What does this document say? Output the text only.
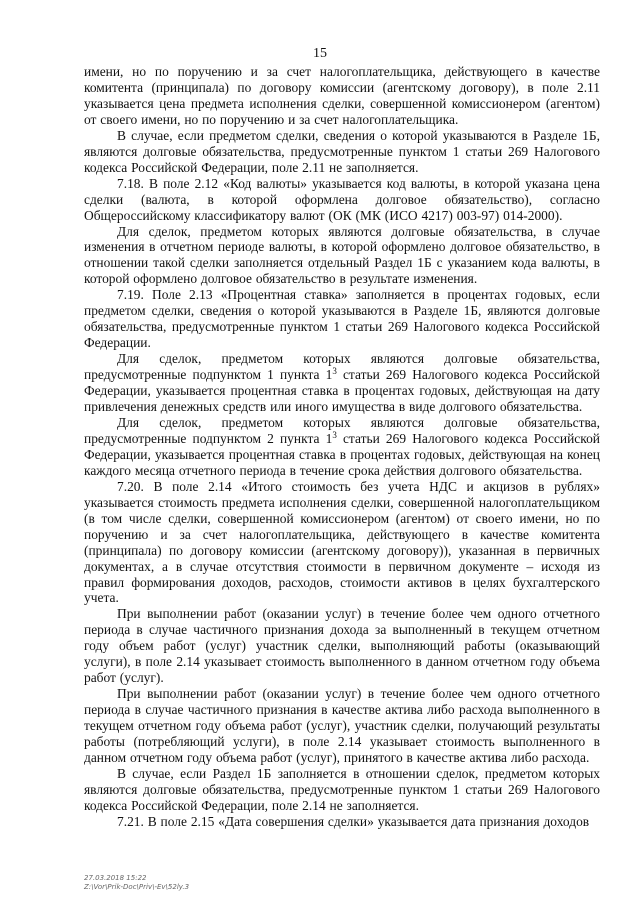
15

имени, но по поручению и за счет налогоплательщика, действующего в качестве комитента (принципала) по договору комиссии (агентскому договору), в поле 2.11 указывается цена предмета исполнения сделки, совершенной комиссионером (агентом) от своего имени, но по поручению и за счет налогоплательщика.

В случае, если предметом сделки, сведения о которой указываются в Разделе 1Б, являются долговые обязательства, предусмотренные пунктом 1 статьи 269 Налогового кодекса Российской Федерации, поле 2.11 не заполняется.

7.18. В поле 2.12 «Код валюты» указывается код валюты, в которой указана цена сделки (валюта, в которой оформлена долговое обязательство), согласно Общероссийскому классификатору валют (ОК (МК (ИСО 4217) 003-97) 014-2000).

Для сделок, предметом которых являются долговые обязательства, в случае изменения в отчетном периоде валюты, в которой оформлено долговое обязательство, в отношении такой сделки заполняется отдельный Раздел 1Б с указанием кода валюты, в которой оформлено долговое обязательство в результате изменения.

7.19. Поле 2.13 «Процентная ставка» заполняется в процентах годовых, если предметом сделки, сведения о которой указываются в Разделе 1Б, являются долговые обязательства, предусмотренные пунктом 1 статьи 269 Налогового кодекса Российской Федерации.

Для сделок, предметом которых являются долговые обязательства, предусмотренные подпунктом 1 пункта $1^3$ статьи 269 Налогового кодекса Российской Федерации, указывается процентная ставка в процентах годовых, действующая на дату привлечения денежных средств или иного имущества в виде долгового обязательства.

Для сделок, предметом которых являются долговые обязательства, предусмотренные подпунктом 2 пункта $1^3$ статьи 269 Налогового кодекса Российской Федерации, указывается процентная ставка в процентах годовых, действующая на конец каждого месяца отчетного периода в течение срока действия долгового обязательства.

7.20. В поле 2.14 «Итого стоимость без учета НДС и акцизов в рублях» указывается стоимость предмета исполнения сделки, совершенной налогоплательщиком (в том числе сделки, совершенной комиссионером (агентом) от своего имени, но по поручению и за счет налогоплательщика, действующего в качестве комитента (принципала) по договору комиссии (агентскому договору)), указанная в первичных документах, а в случае отсутствия стоимости в первичном документе – исходя из правил формирования доходов, расходов, стоимости активов в целях бухгалтерского учета.

При выполнении работ (оказании услуг) в течение более чем одного отчетного периода в случае частичного признания дохода за выполненный в текущем отчетном году объем работ (услуг) участник сделки, выполняющий работы (оказывающий услуги), в поле 2.14 указывает стоимость выполненного в данном отчетном году объема работ (услуг).

При выполнении работ (оказании услуг) в течение более чем одного отчетного периода в случае частичного признания в качестве актива либо расхода выполненного в текущем отчетном году объема работ (услуг), участник сделки, получающий результаты работы (потребляющий услуги), в поле 2.14 указывает стоимость выполненного в данном отчетном году объема работ (услуг), принятого в качестве актива либо расхода.

В случае, если Раздел 1Б заполняется в отношении сделок, предметом которых являются долговые обязательства, предусмотренные пунктом 1 статьи 269 Налогового кодекса Российской Федерации, поле 2.14 не заполняется.

7.21. В поле 2.15 «Дата совершения сделки» указывается дата признания доходов

27.03.2018 15:22
Z:\Vor\Prik-Doc\Priv\-Ev\52ly.3
